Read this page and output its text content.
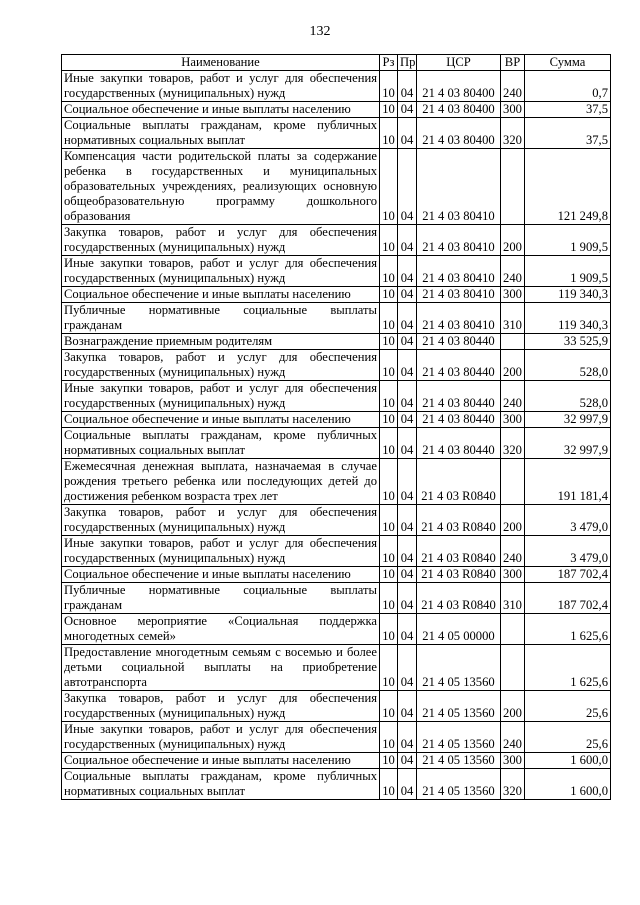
132
Наименование	Рз	Пр	ЦСР	ВР	Сумма
Иные закупки товаров, работ и услуг для обеспечения государственных (муниципальных) нужд	10	04	21 4 03 80400	240	0,7
Социальное обеспечение и иные выплаты населению	10	04	21 4 03 80400	300	37,5
Социальные выплаты гражданам, кроме публичных нормативных социальных выплат	10	04	21 4 03 80400	320	37,5
Компенсация части родительской платы за содержание ребенка в государственных и муниципальных образовательных учреждениях, реализующих основную общеобразовательную программу дошкольного образования	10	04	21 4 03 80410		121 249,8
Закупка товаров, работ и услуг для обеспечения государственных (муниципальных) нужд	10	04	21 4 03 80410	200	1 909,5
Иные закупки товаров, работ и услуг для обеспечения государственных (муниципальных) нужд	10	04	21 4 03 80410	240	1 909,5
Социальное обеспечение и иные выплаты населению	10	04	21 4 03 80410	300	119 340,3
Публичные нормативные социальные выплаты гражданам	10	04	21 4 03 80410	310	119 340,3
Вознаграждение приемным родителям	10	04	21 4 03 80440		33 525,9
Закупка товаров, работ и услуг для обеспечения государственных (муниципальных) нужд	10	04	21 4 03 80440	200	528,0
Иные закупки товаров, работ и услуг для обеспечения государственных (муниципальных) нужд	10	04	21 4 03 80440	240	528,0
Социальное обеспечение и иные выплаты населению	10	04	21 4 03 80440	300	32 997,9
Социальные выплаты гражданам, кроме публичных нормативных социальных выплат	10	04	21 4 03 80440	320	32 997,9
Ежемесячная денежная выплата, назначаемая в случае рождения третьего ребенка или последующих детей до достижения ребенком возраста трех лет	10	04	21 4 03 R0840		191 181,4
Закупка товаров, работ и услуг для обеспечения государственных (муниципальных) нужд	10	04	21 4 03 R0840	200	3 479,0
Иные закупки товаров, работ и услуг для обеспечения государственных (муниципальных) нужд	10	04	21 4 03 R0840	240	3 479,0
Социальное обеспечение и иные выплаты населению	10	04	21 4 03 R0840	300	187 702,4
Публичные нормативные социальные выплаты гражданам	10	04	21 4 03 R0840	310	187 702,4
Основное мероприятие «Социальная поддержка многодетных семей»	10	04	21 4 05 00000		1 625,6
Предоставление многодетным семьям с восемью и более детьми социальной выплаты на приобретение автотранспорта	10	04	21 4 05 13560		1 625,6
Закупка товаров, работ и услуг для обеспечения государственных (муниципальных) нужд	10	04	21 4 05 13560	200	25,6
Иные закупки товаров, работ и услуг для обеспечения государственных (муниципальных) нужд	10	04	21 4 05 13560	240	25,6
Социальное обеспечение и иные выплаты населению	10	04	21 4 05 13560	300	1 600,0
Социальные выплаты гражданам, кроме публичных нормативных социальных выплат	10	04	21 4 05 13560	320	1 600,0
